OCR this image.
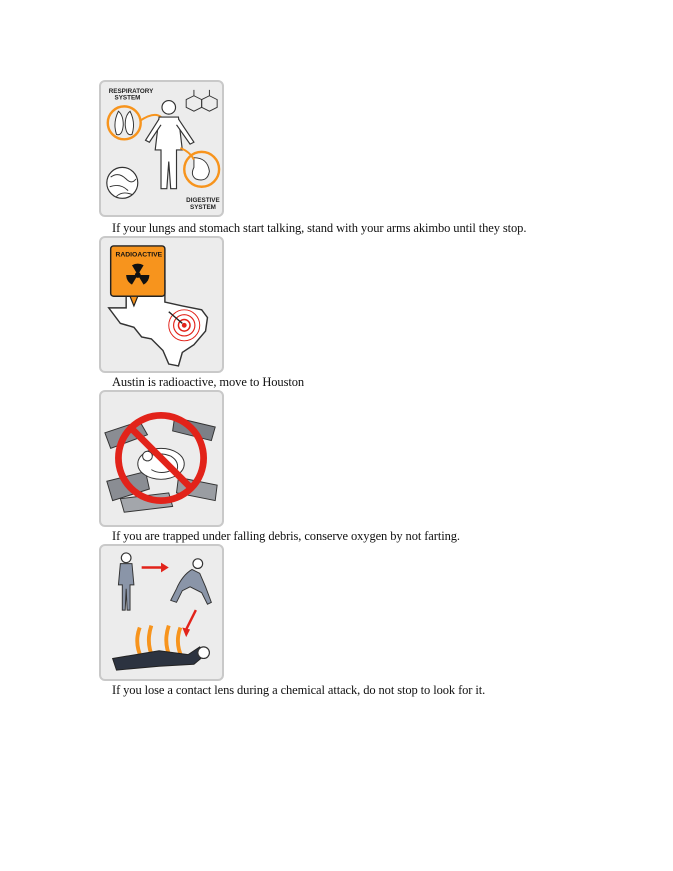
RESPIRATORY
SYSTEM
DIGESTIVE
SYSTEM
If your lungs and stomach start talking, stand with your arms akimbo until they stop.
RADIOACTIVE
Austin is radioactive, move to Houston
If you are trapped under falling debris, conserve oxygen by not farting.
If you lose a contact lens during a chemical attack, do not stop to look for it.
